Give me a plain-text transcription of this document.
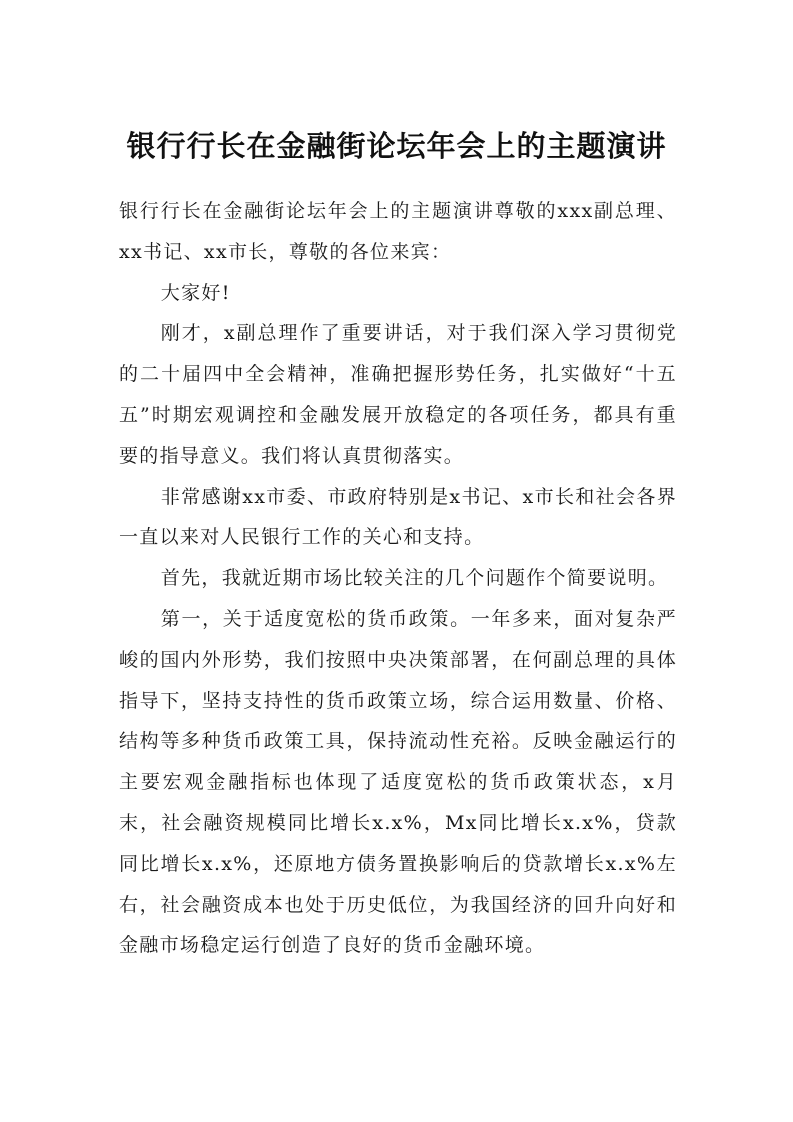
银行行长在金融街论坛年会上的主题演讲

银行行长在金融街论坛年会上的主题演讲尊敬的xxx副总理、xx书记、xx市长，尊敬的各位来宾：

大家好!

刚才，x副总理作了重要讲话，对于我们深入学习贯彻党的二十届四中全会精神，准确把握形势任务，扎实做好“十五五”时期宏观调控和金融发展开放稳定的各项任务，都具有重要的指导意义。我们将认真贯彻落实。

非常感谢xx市委、市政府特别是x书记、x市长和社会各界一直以来对人民银行工作的关心和支持。

首先，我就近期市场比较关注的几个问题作个简要说明。

第一，关于适度宽松的货币政策。一年多来，面对复杂严峻的国内外形势，我们按照中央决策部署，在何副总理的具体指导下，坚持支持性的货币政策立场，综合运用数量、价格、结构等多种货币政策工具，保持流动性充裕。反映金融运行的主要宏观金融指标也体现了适度宽松的货币政策状态，x月末，社会融资规模同比增长x.x%，Mx同比增长x.x%，贷款同比增长x.x%，还原地方债务置换影响后的贷款增长x.x%左右，社会融资成本也处于历史低位，为我国经济的回升向好和金融市场稳定运行创造了良好的货币金融环境。
